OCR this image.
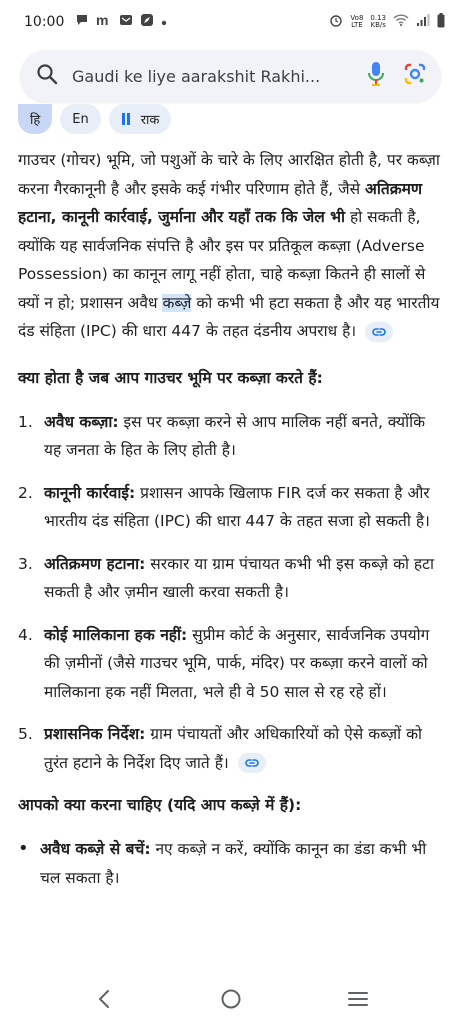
10:00 m	Vo8
LTE
0.13
KB/s
Gaudi ke liye aarakshit Rakhi...
हि En	राक

गाउचर (गोचर) भूमि, जो पशुओं के चारे के लिए आरक्षित होती है, पर कब्ज़ा करना गैरकानूनी है और इसके कई गंभीर परिणाम होते हैं, जैसे अतिक्रमण हटाना, कानूनी कार्रवाई, जुर्माना और यहाँ तक कि जेल भी हो सकती है, क्योंकि यह सार्वजनिक संपत्ति है और इस पर प्रतिकूल कब्ज़ा (Adverse Possession) का कानून लागू नहीं होता, चाहे कब्ज़ा कितने ही सालों से क्यों न हो; प्रशासन अवैध कब्ज़े को कभी भी हटा सकता है और यह भारतीय दंड संहिता (IPC) की धारा 447 के तहत दंडनीय अपराध है।

क्या होता है जब आप गाउचर भूमि पर कब्ज़ा करते हैं:
1. अवैध कब्ज़ा: इस पर कब्ज़ा करने से आप मालिक नहीं बनते, क्योंकि यह जनता के हित के लिए होती है।
2. कानूनी कार्रवाई: प्रशासन आपके खिलाफ FIR दर्ज कर सकता है और भारतीय दंड संहिता (IPC) की धारा 447 के तहत सजा हो सकती है।
3. अतिक्रमण हटाना: सरकार या ग्राम पंचायत कभी भी इस कब्ज़े को हटा सकती है और ज़मीन खाली करवा सकती है।
4. कोई मालिकाना हक नहीं: सुप्रीम कोर्ट के अनुसार, सार्वजनिक उपयोग की ज़मीनों (जैसे गाउचर भूमि, पार्क, मंदिर) पर कब्ज़ा करने वालों को मालिकाना हक नहीं मिलता, भले ही वे 50 साल से रह रहे हों।
5. प्रशासनिक निर्देश: ग्राम पंचायतों और अधिकारियों को ऐसे कब्ज़ों को तुरंत हटाने के निर्देश दिए जाते हैं।
आपको क्या करना चाहिए (यदि आप कब्ज़े में हैं):
• अवैध कब्ज़े से बचें: नए कब्ज़े न करें, क्योंकि कानून का डंडा कभी भी चल सकता है।
